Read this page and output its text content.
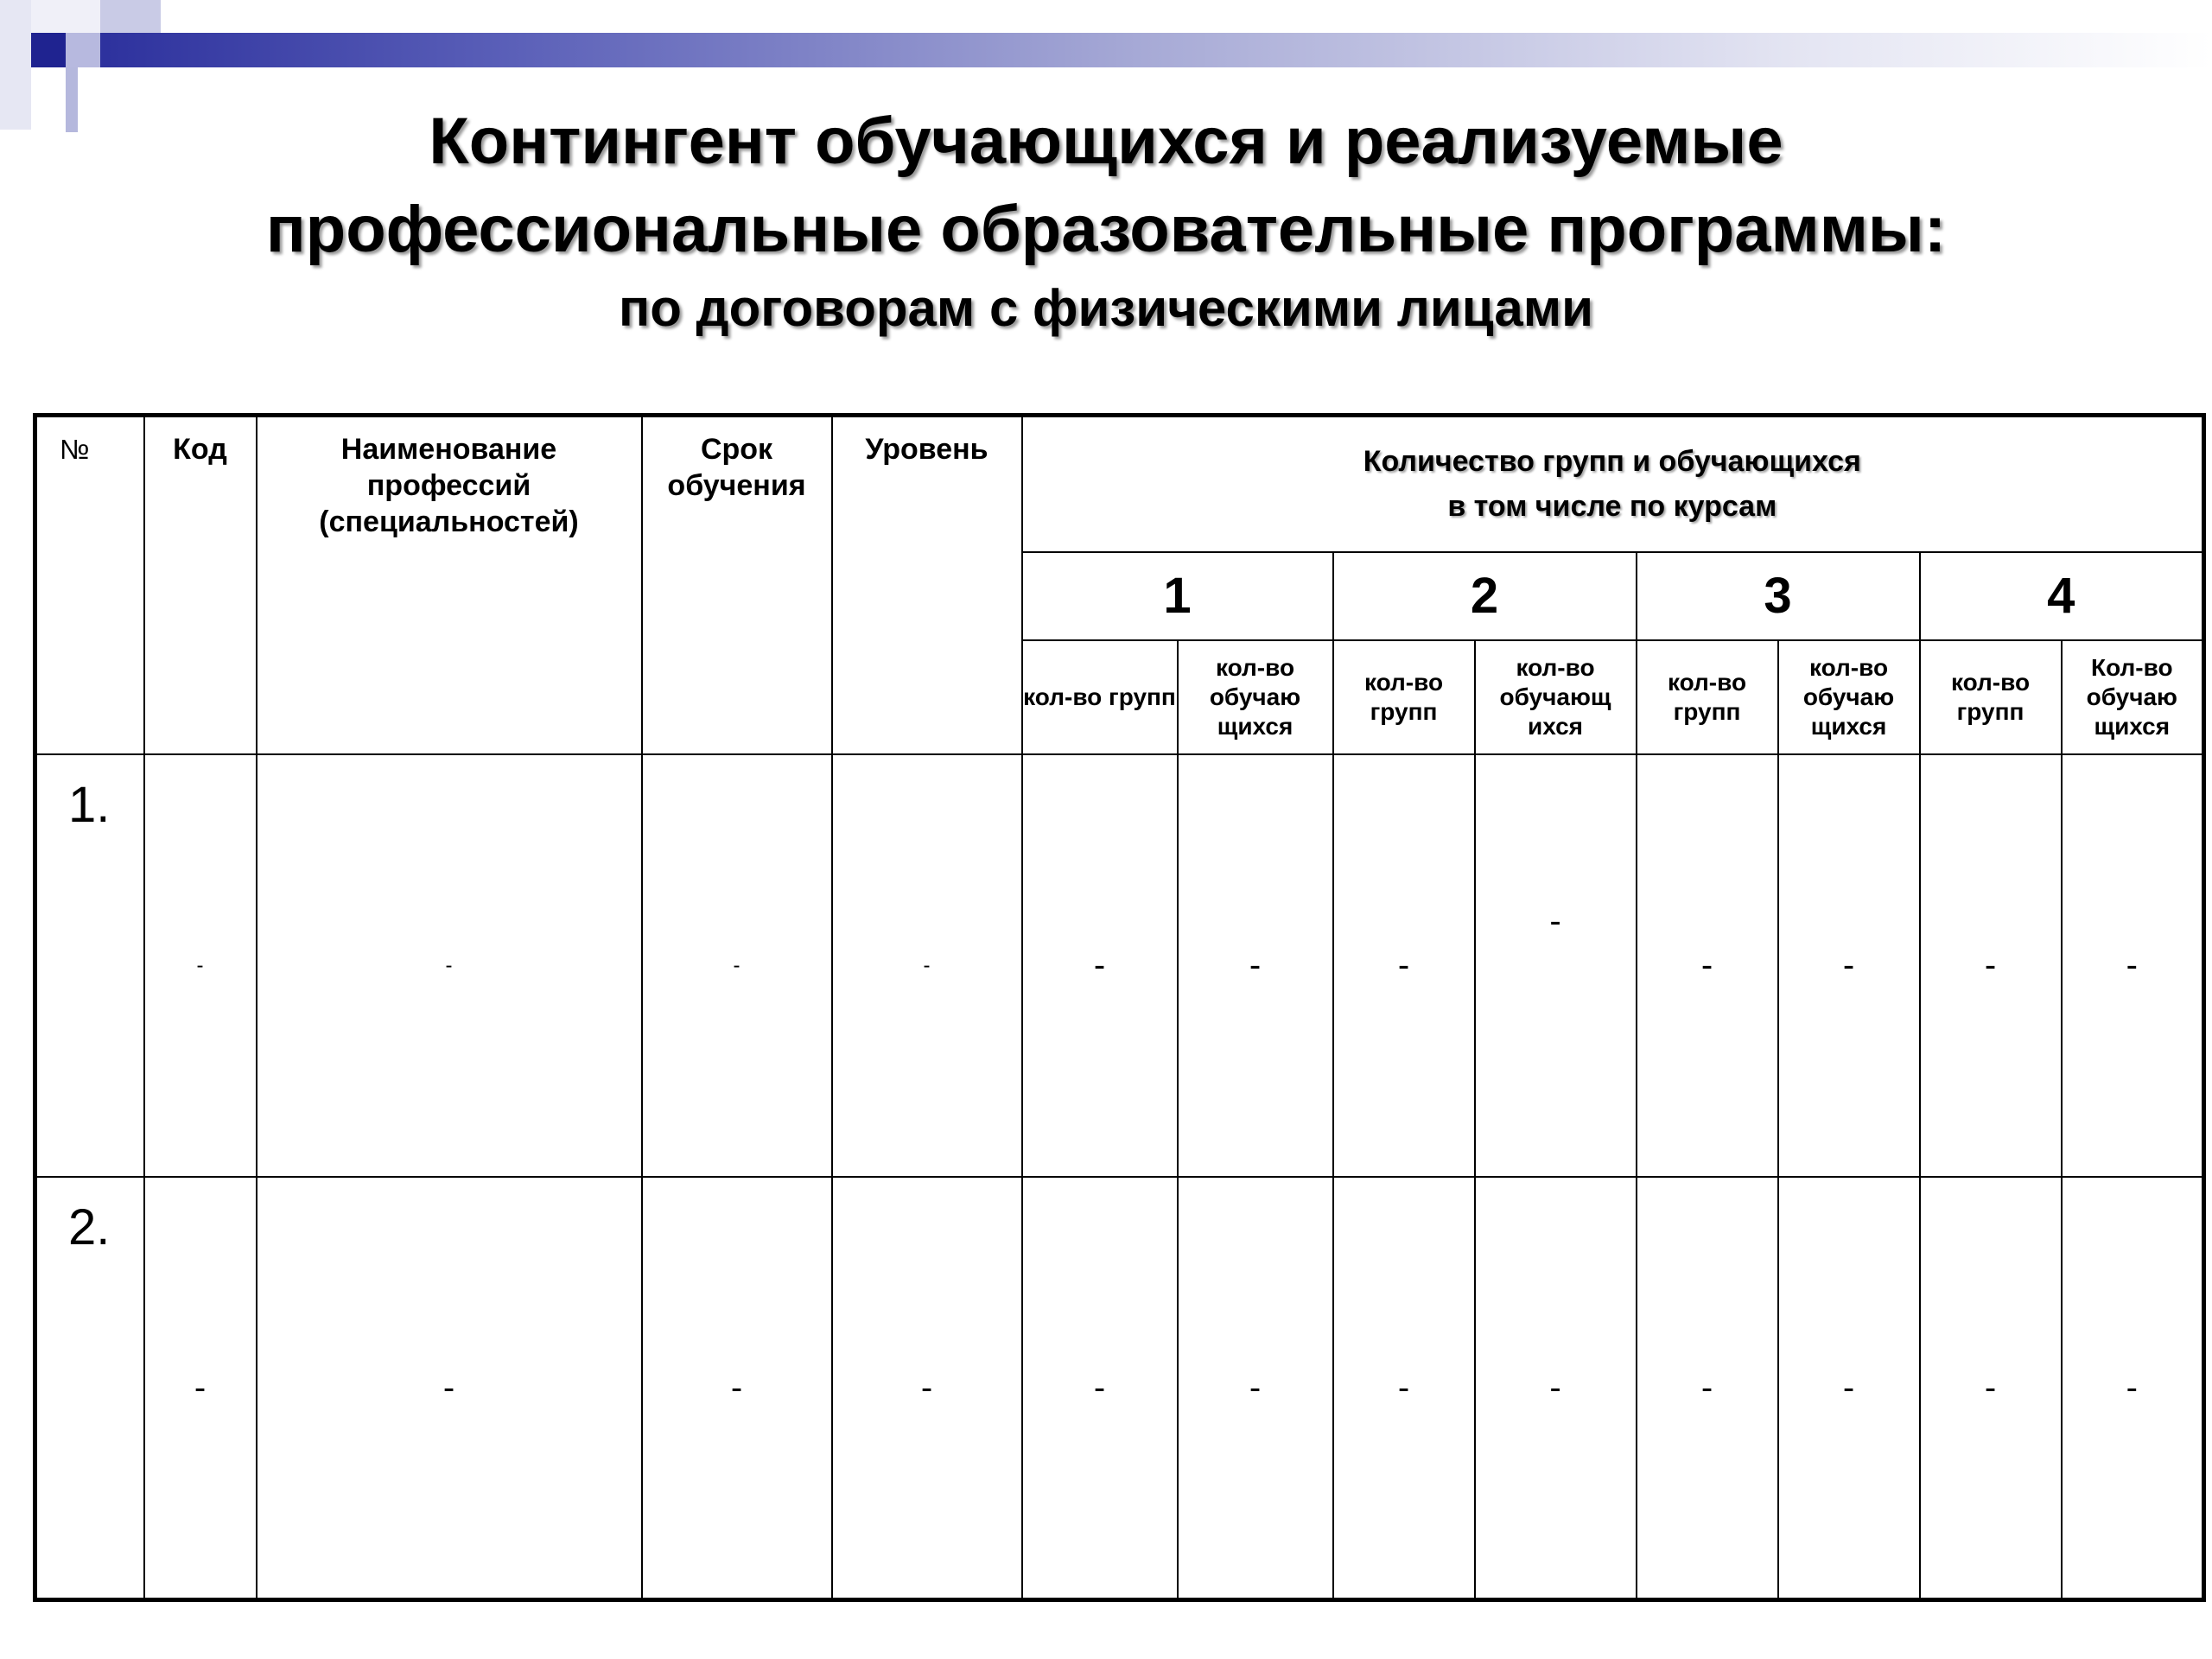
Контингент обучающихся и реализуемые
профессиональные образовательные программы:
по договорам с физическими лицами
№	Код	Наименование профессий (специальностей)	Срок обучения	Уровень	Количество групп и обучающихся
в том числе по курсам							

					1		2		3		4	
					кол-во групп	кол-во обучаю щихся	кол-во групп	кол-во обучающ ихся	кол-во групп	кол-во обучаю щихся	кол-во групп	Кол-во обучаю щихся
1.	-	-	-	-	-	-	-	-	-	-	-	-
2.	-	-	-	-	-	-	-	-	-	-	-	-
